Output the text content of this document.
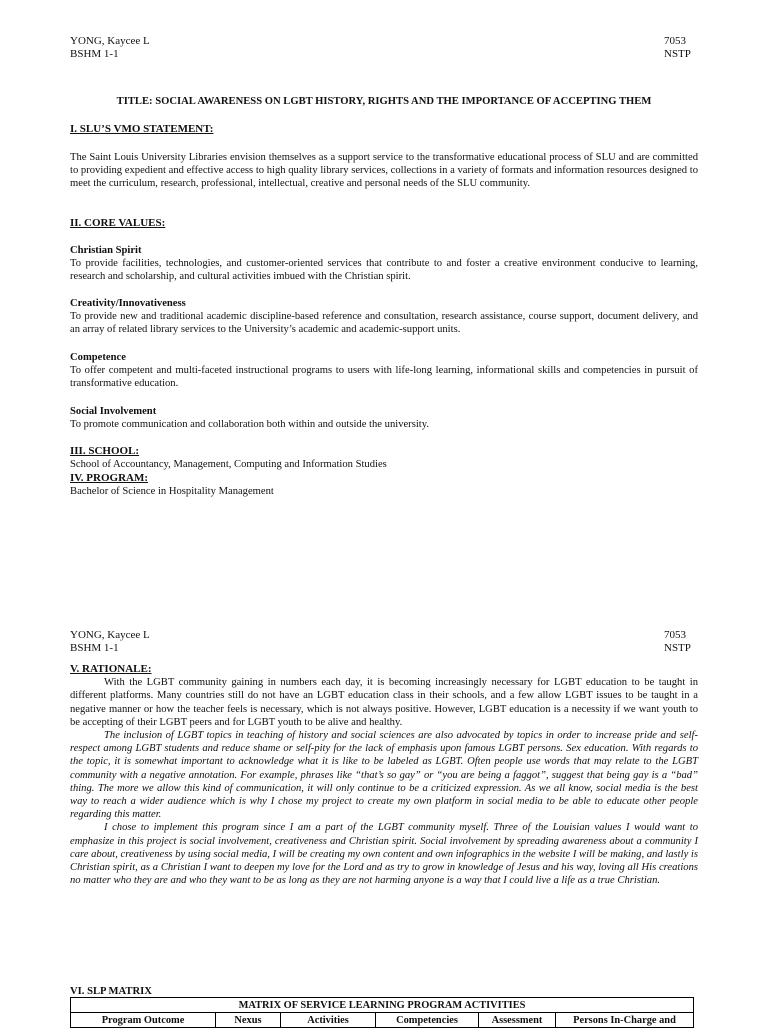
YONG, Kaycee L
BSHM 1-1
7053
NSTP
TITLE: SOCIAL AWARENESS ON LGBT HISTORY, RIGHTS AND THE IMPORTANCE OF ACCEPTING THEM
I. SLU’S VMO STATEMENT:
The Saint Louis University Libraries envision themselves as a support service to the transformative educational process of SLU and are committed to providing expedient and effective access to high quality library services, collections in a variety of formats and information resources designed to meet the curriculum, research, professional, intellectual, creative and personal needs of the SLU community.
II. CORE VALUES:
Christian Spirit
To provide facilities, technologies, and customer-oriented services that contribute to and foster a creative environment conducive to learning, research and scholarship, and cultural activities imbued with the Christian spirit.
Creativity/Innovativeness
To provide new and traditional academic discipline-based reference and consultation, research assistance, course support, document delivery, and an array of related library services to the University’s academic and academic-support units.
Competence
To offer competent and multi-faceted instructional programs to users with life-long learning, informational skills and competencies in pursuit of transformative education.
Social Involvement
To promote communication and collaboration both within and outside the university.
III. SCHOOL:
School of Accountancy, Management, Computing and Information Studies
IV. PROGRAM:
Bachelor of Science in Hospitality Management
YONG, Kaycee L
BSHM 1-1
7053
NSTP
V. RATIONALE:

With the LGBT community gaining in numbers each day, it is becoming increasingly necessary for LGBT education to be taught in different platforms. Many countries still do not have an LGBT education class in their schools, and a few allow LGBT issues to be taught in a negative manner or how the teacher feels is necessary, which is not always positive. However, LGBT education is a necessity if we want youth to be accepting of their LGBT peers and for LGBT youth to be alive and healthy.

The inclusion of LGBT topics in teaching of history and social sciences are also advocated by topics in order to increase pride and self-respect among LGBT students and reduce shame or self-pity for the lack of emphasis upon famous LGBT persons. Sex education. With regards to the topic, it is somewhat important to acknowledge what it is like to be labeled as LGBT. Often people use words that may relate to the LGBT community with a negative annotation. For example, phrases like “that’s so gay” or “you are being a faggot”, suggest that being gay is a “bad” thing. The more we allow this kind of communication, it will only continue to be a criticized expression. As we all know, social media is the best way to reach a wider audience which is why I chose my project to create my own platform in social media to be able to educate other people regarding this matter.

I chose to implement this program since I am a part of the LGBT community myself. Three of the Louisian values I would want to emphasize in this project is social involvement, creativeness and Christian spirit. Social involvement by spreading awareness about a community I care about, creativeness by using social media, I will be creating my own content and own infographics in the website I will be making, and lastly is Christian spirit, as a Christian I want to deepen my love for the Lord and as try to grow in knowledge of Jesus and his way, loving all His creations no matter who they are and who they want to be as long as they are not harming anyone is a way that I could live a life as a true Christian.

VI. SLP MATRIX
MATRIX OF SERVICE LEARNING PROGRAM ACTIVITIES
Program Outcome	Nexus	Activities	Competencies	Assessment	Persons In-Charge and
